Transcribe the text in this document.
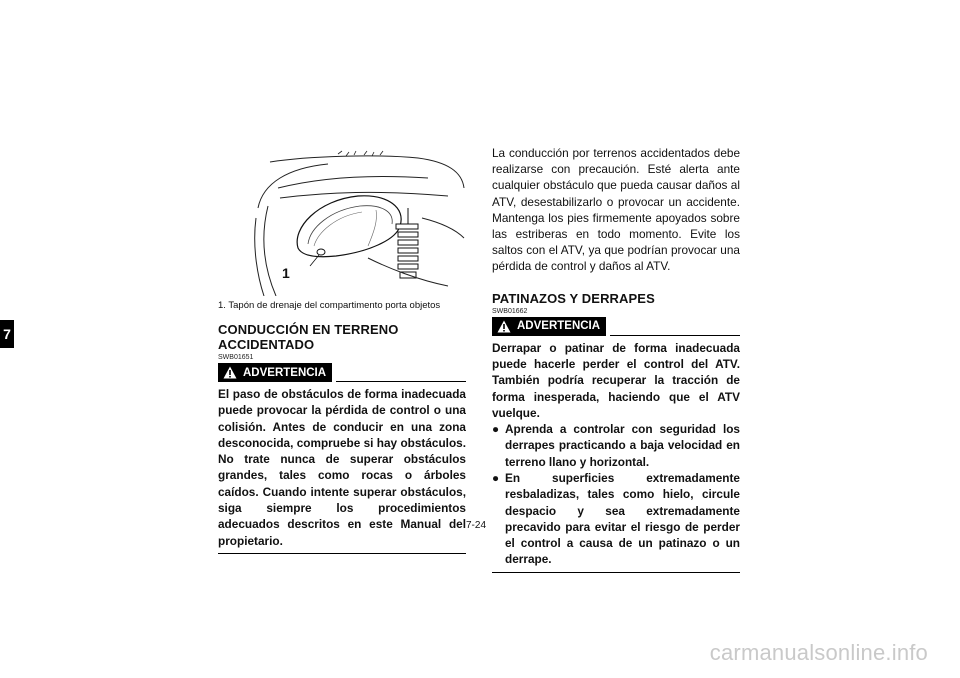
7
1
1. Tapón de drenaje del compartimento porta objetos
CONDUCCIÓN EN TERRENO ACCIDENTADO
SWB01651
ADVERTENCIA
El paso de obstáculos de forma inadecuada puede provocar la pérdida de control o una colisión. Antes de conducir en una zona desconocida, compruebe si hay obstáculos. No trate nunca de superar obstáculos grandes, tales como rocas o árboles caídos. Cuando intente superar obstáculos, siga siempre los procedimientos adecuados descritos en este Manual del propietario.
La conducción por terrenos accidentados debe realizarse con precaución. Esté alerta ante cualquier obstáculo que pueda causar daños al ATV, desestabilizarlo o provocar un accidente. Mantenga los pies firmemente apoyados sobre las estriberas en todo momento. Evite los saltos con el ATV, ya que podrían provocar una pérdida de control y daños al ATV.
PATINAZOS Y DERRAPES
SWB01662
ADVERTENCIA
Derrapar o patinar de forma inadecuada puede hacerle perder el control del ATV. También podría recuperar la tracción de forma inesperada, haciendo que el ATV vuelque.
● Aprenda a controlar con seguridad los derrapes practicando a baja velocidad en terreno llano y horizontal.
● En superficies extremadamente resbaladizas, tales como hielo, circule despacio y sea extremadamente precavido para evitar el riesgo de perder el control a causa de un patinazo o un derrape.
7-24
carmanualsonline.info
